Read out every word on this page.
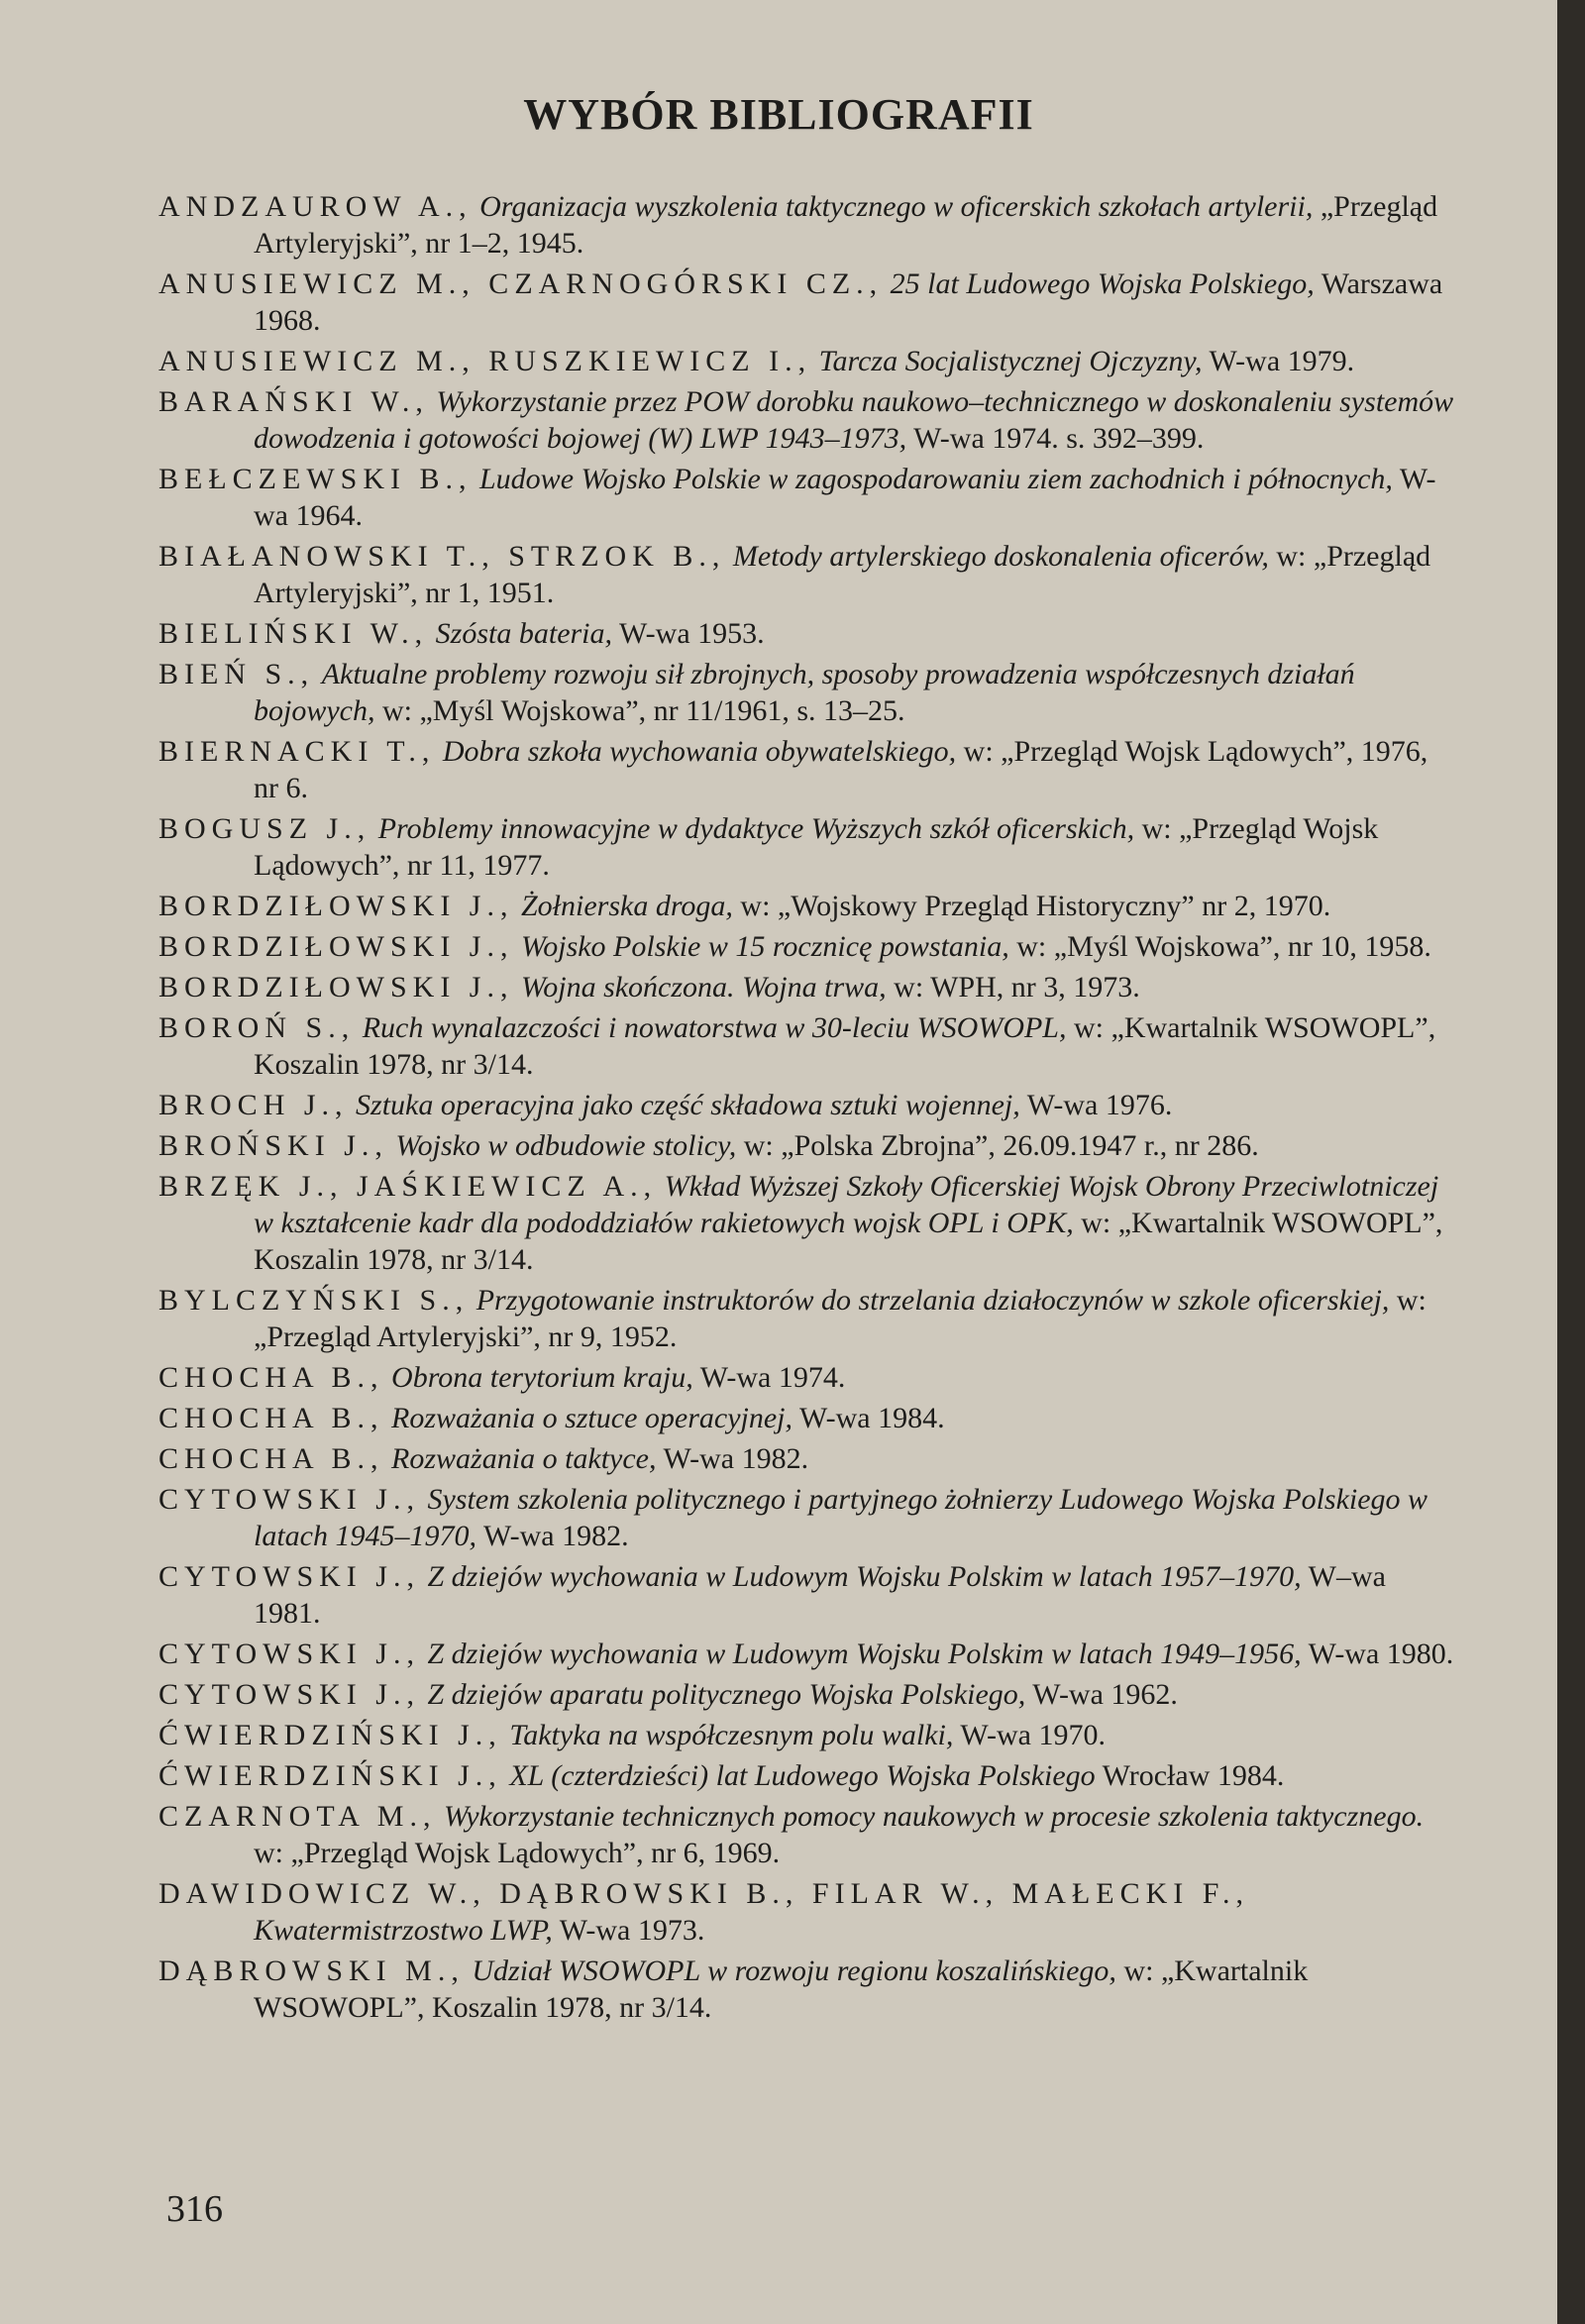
WYBÓR BIBLIOGRAFII
ANDZAUROW A., Organizacja wyszkolenia taktycznego w oficerskich szkołach artylerii, „Przegląd Artyleryjski”, nr 1–2, 1945.
ANUSIEWICZ M., CZARNOGÓRSKI CZ., 25 lat Ludowego Wojska Polskiego, Warszawa 1968.
ANUSIEWICZ M., RUSZKIEWICZ I., Tarcza Socjalistycznej Ojczyzny, W-wa 1979.
BARAŃSKI W., Wykorzystanie przez POW dorobku naukowo–technicznego w doskonaleniu systemów dowodzenia i gotowości bojowej (W) LWP 1943–1973, W-wa 1974. s. 392–399.
BEŁCZEWSKI B., Ludowe Wojsko Polskie w zagospodarowaniu ziem zachodnich i północnych, W-wa 1964.
BIAŁANOWSKI T., STRZOK B., Metody artylerskiego doskonalenia oficerów, w: „Przegląd Artyleryjski”, nr 1, 1951.
BIELIŃSKI W., Szósta bateria, W-wa 1953.
BIEŃ S., Aktualne problemy rozwoju sił zbrojnych, sposoby prowadzenia współczesnych działań bojowych, w: „Myśl Wojskowa”, nr 11/1961, s. 13–25.
BIERNACKI T., Dobra szkoła wychowania obywatelskiego, w: „Przegląd Wojsk Lądowych”, 1976, nr 6.
BOGUSZ J., Problemy innowacyjne w dydaktyce Wyższych szkół oficerskich, w: „Przegląd Wojsk Lądowych”, nr 11, 1977.
BORDZIŁOWSKI J., Żołnierska droga, w: „Wojskowy Przegląd Historyczny” nr 2, 1970.
BORDZIŁOWSKI J., Wojsko Polskie w 15 rocznicę powstania, w: „Myśl Wojskowa”, nr 10, 1958.
BORDZIŁOWSKI J., Wojna skończona. Wojna trwa, w: WPH, nr 3, 1973.
BOROŃ S., Ruch wynalazczości i nowatorstwa w 30-leciu WSOWOPL, w: „Kwartalnik WSOWOPL”, Koszalin 1978, nr 3/14.
BROCH J., Sztuka operacyjna jako część składowa sztuki wojennej, W-wa 1976.
BROŃSKI J., Wojsko w odbudowie stolicy, w: „Polska Zbrojna”, 26.09.1947 r., nr 286.
BRZĘK J., JAŚKIEWICZ A., Wkład Wyższej Szkoły Oficerskiej Wojsk Obrony Przeciwlotniczej w kształcenie kadr dla pododdziałów rakietowych wojsk OPL i OPK, w: „Kwartalnik WSOWOPL”, Koszalin 1978, nr 3/14.
BYLCZYŃSKI S., Przygotowanie instruktorów do strzelania działoczynów w szkole oficerskiej, w: „Przegląd Artyleryjski”, nr 9, 1952.
CHOCHA B., Obrona terytorium kraju, W-wa 1974.
CHOCHA B., Rozważania o sztuce operacyjnej, W-wa 1984.
CHOCHA B., Rozważania o taktyce, W-wa 1982.
CYTOWSKI J., System szkolenia politycznego i partyjnego żołnierzy Ludowego Wojska Polskiego w latach 1945–1970, W-wa 1982.
CYTOWSKI J., Z dziejów wychowania w Ludowym Wojsku Polskim w latach 1957–1970, W–wa 1981.
CYTOWSKI J., Z dziejów wychowania w Ludowym Wojsku Polskim w latach 1949–1956, W-wa 1980.
CYTOWSKI J., Z dziejów aparatu politycznego Wojska Polskiego, W-wa 1962.
ĆWIERDZIŃSKI J., Taktyka na współczesnym polu walki, W-wa 1970.
ĆWIERDZIŃSKI J., XL (czterdzieści) lat Ludowego Wojska Polskiego Wrocław 1984.
CZARNOTA M., Wykorzystanie technicznych pomocy naukowych w procesie szkolenia taktycznego. w: „Przegląd Wojsk Lądowych”, nr 6, 1969.
DAWIDOWICZ W., DĄBROWSKI B., FILAR W., MAŁECKI F., Kwatermistrzostwo LWP, W-wa 1973.
DĄBROWSKI M., Udział WSOWOPL w rozwoju regionu koszalińskiego, w: „Kwartalnik WSOWOPL”, Koszalin 1978, nr 3/14.
316
